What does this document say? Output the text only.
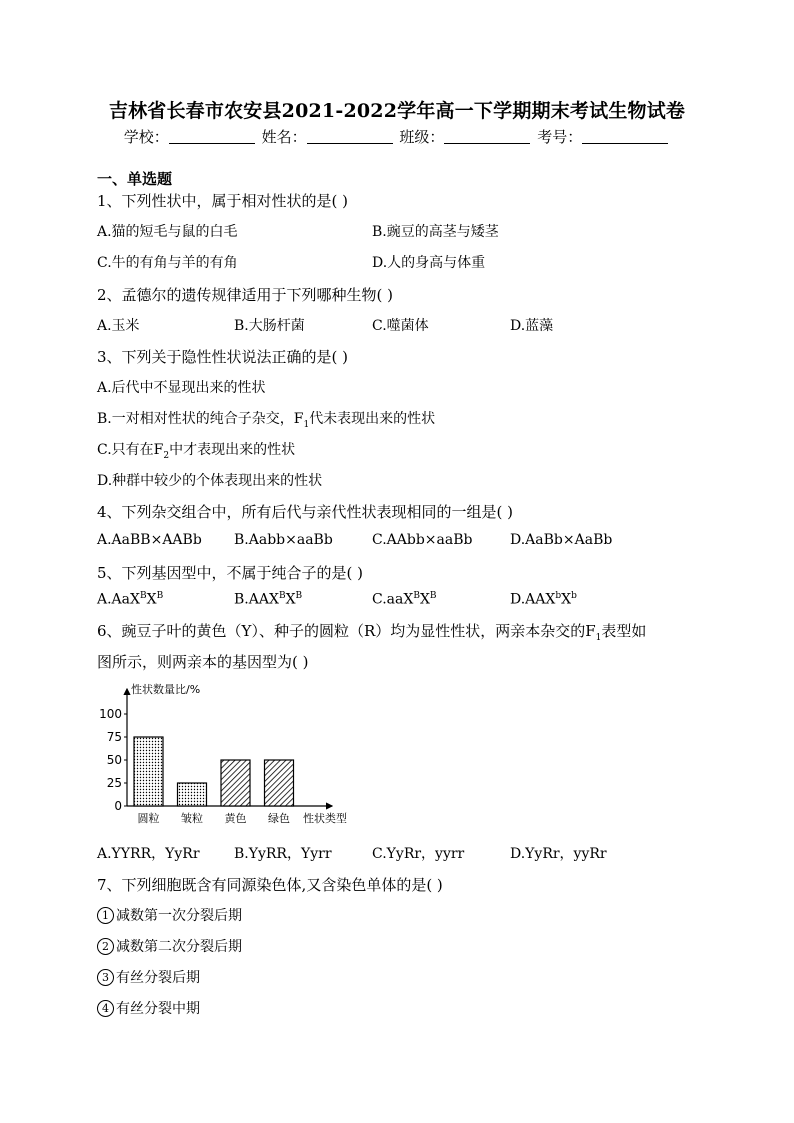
吉林省长春市农安县2021-2022学年高一下学期期末考试生物试卷
学校：	姓名：	班级：	考号：
一、单选题
1、下列性状中，属于相对性状的是( )
A.猫的短毛与鼠的白毛	B.豌豆的高茎与矮茎
C.牛的有角与羊的有角	D.人的身高与体重
2、孟德尔的遗传规律适用于下列哪种生物( )
A.玉米	B.大肠杆菌	C.噬菌体	D.蓝藻
3、下列关于隐性性状说法正确的是( )
A.后代中不显现出来的性状
B.一对相对性状的纯合子杂交，$F_1$代未表现出来的性状
C.只有在$F_2$中才表现出来的性状
D.种群中较少的个体表现出来的性状
4、下列杂交组合中，所有后代与亲代性状表现相同的一组是( )
A.AaBB×AABb B.Aabb×aaBb	C.AAbb×aaBb	D.AaBb×AaBb
5、下列基因型中，不属于纯合子的是( )
$A.AaX^BX^B$	$B.AAX^BX^B$	$C.aaX^BX^B$	$D.AAX^bX^b$
6、豌豆子叶的黄色（Y）、种子的圆粒（R）均为显性性状，两亲本杂交的$F_1$表型如
图所示，则两亲本的基因型为( )
性状数量比/%
0
25
50
75
100
圆粒 皱粒 黄色 绿色 性状类型
A.YYRR，YyRr B.YyRR，Yyrr	C.YyRr，yyrr	D.YyRr，yyRr
7、下列细胞既含有同源染色体,又含染色单体的是( )
1 减数第一次分裂后期
2 减数第二次分裂后期
3 有丝分裂后期
4 有丝分裂中期
